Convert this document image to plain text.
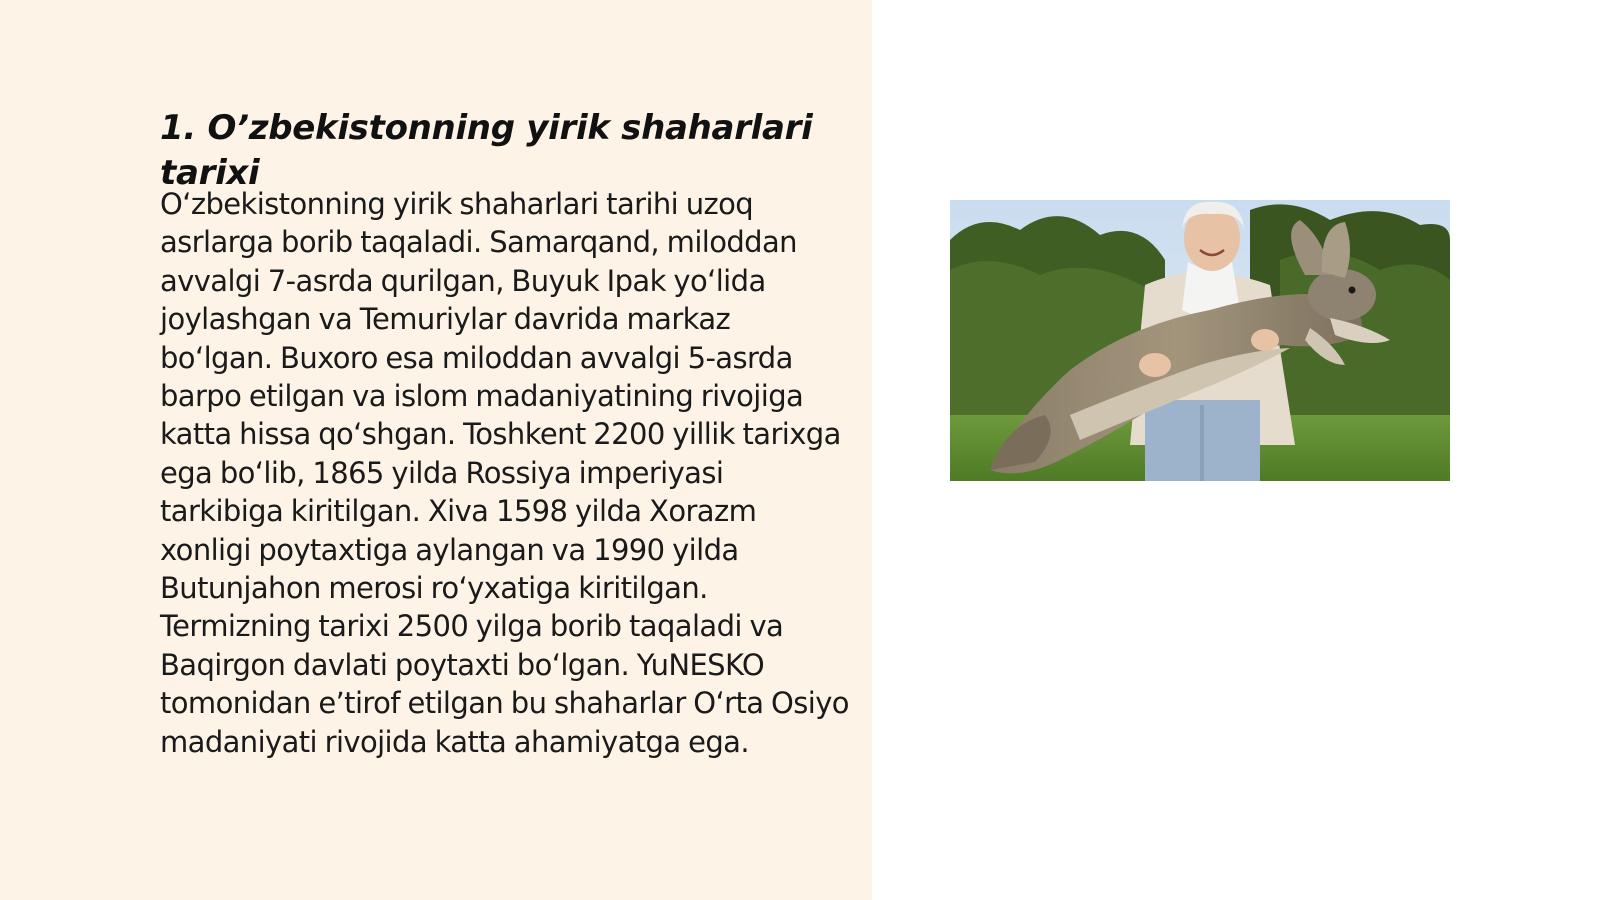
1. O’zbekistonning yirik shaharlari tarixi

O‘zbekistonning yirik shaharlari tarihi uzoq asrlarga borib taqaladi. Samarqand, miloddan avvalgi 7-asrda qurilgan, Buyuk Ipak yo‘lida joylashgan va Temuriylar davrida markaz bo‘lgan. Buxoro esa miloddan avvalgi 5-asrda barpo etilgan va islom madaniyatining rivojiga katta hissa qo‘shgan. Toshkent 2200 yillik tarixga ega bo‘lib, 1865 yilda Rossiya imperiyasi tarkibiga kiritilgan. Xiva 1598 yilda Xorazm xonligi poytaxtiga aylangan va 1990 yilda Butunjahon merosi ro‘yxatiga kiritilgan. Termizning tarixi 2500 yilga borib taqaladi va Baqirgon davlati poytaxti bo‘lgan. YuNESKO tomonidan e’tirof etilgan bu shaharlar O‘rta Osiyo madaniyati rivojida katta ahamiyatga ega.
